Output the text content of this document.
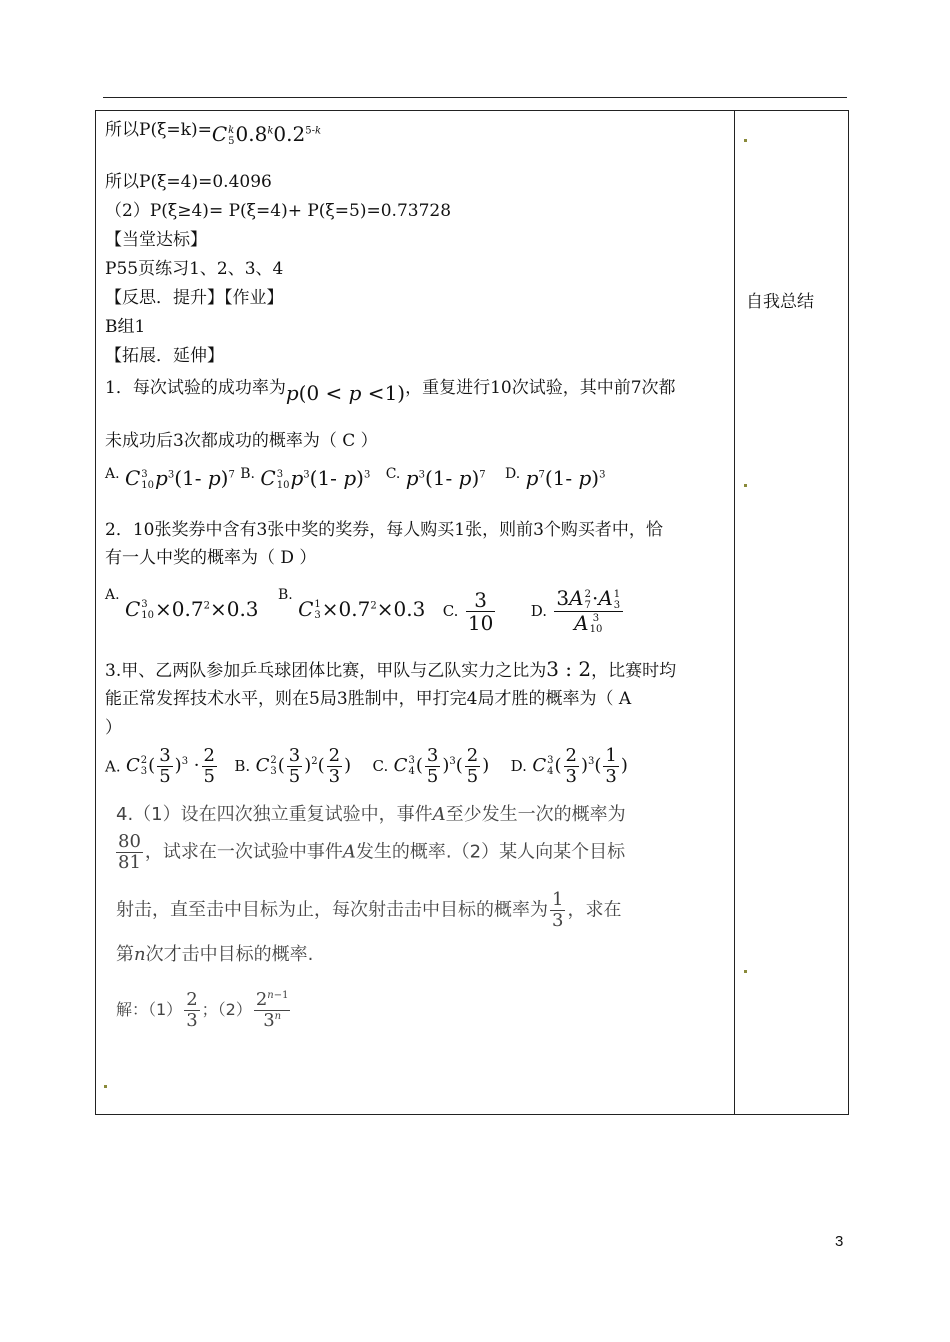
自我总结
3
所以P(ξ=k)=C k
5 0.8$^k$0.2$^{5-k}$
所以P(ξ=4)=0.4096
（2）P(ξ≥4)= P(ξ=4)+ P(ξ=5)=0.73728
【当堂达标】
P55页练习1、2、3、4
【反思．提升】【作业】
B组1
【拓展．延伸】
1．每次试验的成功率为p(0 < p <1)，重复进行10次试验，其中前7次都
未成功后3次都成功的概率为（ C ）
$^{A.}$ C 3
10 $p^3(1-$ p)$^7$ $^{B.}$ C 3
10 $p^3(1-$ p)$^3$ $^{C.}$ $p^3(1-$ p)$^7$ $^{D.}$ $p^7(1-$ p)$^3$
2．10张奖券中含有3张中奖的奖券，每人购买1张，则前3个购买者中，恰
有一人中奖的概率为（ D ）
$^{A.}$ C 3
$10 \times 0.7^2\times 0.3$ $^{B.}$ C 1
$3 \times 0.7^2\times 0.3$ C. $\frac{3}{10} D$. 3A 2
7 ·A 1
3
A 3
10
3.甲、乙两队参加乒乓球团体比赛，甲队与乙队实力之比为3 : 2，比赛时均
能正常发挥技术水平，则在5局3胜制中，甲打完4局才胜的概率为（ A
）
A. C 2
3 ( $\frac{3}{5} )^3 \cdot \frac{2}{5} B$. C 2
3 ( $\frac{3}{5} )^2( \frac{2}{3}$ ) C. C 3
4 ( $\frac{3}{5} )^3( \frac{2}{5}$ ) D. C 3
4 ( $\frac{2}{3} )^3( \frac{1}{3}$ )
4.（1）设在四次独立重复试验中，事件A至少发生一次的概率为
$\frac{80}{81}$ ，试求在一次试验中事件A发生的概率.（2）某人向某个目标
射击，直至击中目标为止，每次射击击中目标的概率为 $\frac{1}{3}$ ，求在
第n次才击中目标的概率.
解：$(1) \frac{2}{3}$ ；$(2) \frac{2^{n-1}}{3^n}$
